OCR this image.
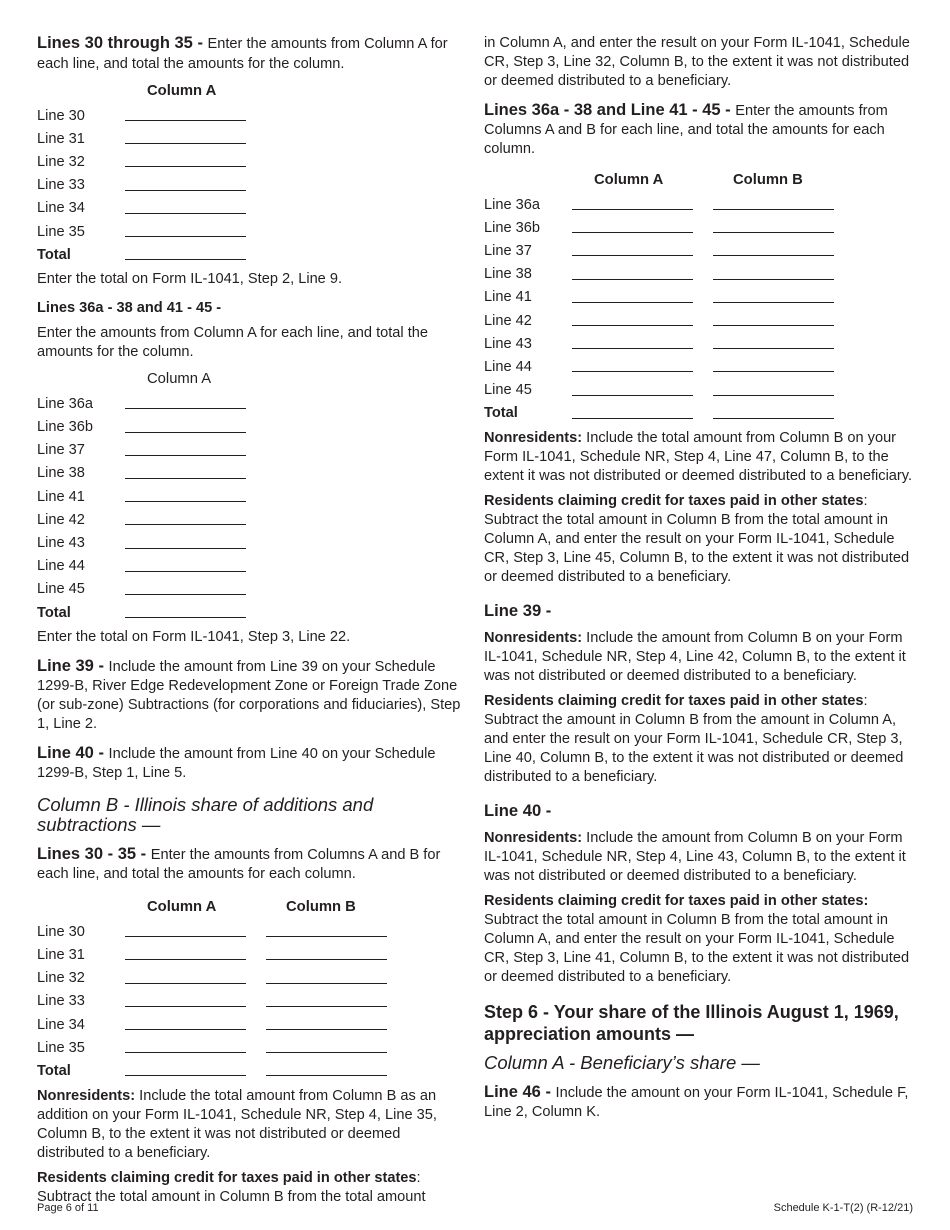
Lines 30 through 35 - Enter the amounts from Column A for each line, and total the amounts for the column.

	Column A
Line 30	

Line 31	

Line 32	

Line 33	

Line 34	

Line 35	

Total	

Enter the total on Form IL-1041, Step 2, Line 9.

Lines 36a - 38 and 41 - 45 -

Enter the amounts from Column A for each line, and total the amounts for the column.

	Column A
Line 36a	

Line 36b	

Line 37	

Line 38	

Line 41	

Line 42	

Line 43	

Line 44	

Line 45	

Total	

Enter the total on Form IL-1041, Step 3, Line 22.

Line 39 - Include the amount from Line 39 on your Schedule 1299-B, River Edge Redevelopment Zone or Foreign Trade Zone (or sub-zone) Subtractions (for corporations and fiduciaries), Step 1, Line 2.

Line 40 - Include the amount from Line 40 on your Schedule 1299-B, Step 1, Line 5.

Column B - Illinois share of additions and subtractions —

Lines 30 - 35 - Enter the amounts from Columns A and B for each line, and total the amounts for each column.

	Column A	Column B
Line 30	

Line 31	

Line 32	

Line 33	

Line 34	

Line 35	

Total	

Nonresidents: Include the total amount from Column B as an addition on your Form IL-1041, Schedule NR, Step 4, Line 35, Column B, to the extent it was not distributed or deemed distributed to a beneficiary.

Residents claiming credit for taxes paid in other states: Subtract the total amount in Column B from the total amount

in Column A, and enter the result on your Form IL-1041, Schedule CR, Step 3, Line 32, Column B, to the extent it was not distributed or deemed distributed to a beneficiary.

Lines 36a - 38 and Line 41 - 45 - Enter the amounts from Columns A and B for each line, and total the amounts for each column.

	Column A	Column B
Line 36a	

Line 36b	

Line 37	

Line 38	

Line 41	

Line 42	

Line 43	

Line 44	

Line 45	

Total	

Nonresidents: Include the total amount from Column B on your Form IL-1041, Schedule NR, Step 4, Line 47, Column B, to the extent it was not distributed or deemed distributed to a beneficiary.

Residents claiming credit for taxes paid in other states: Subtract the total amount in Column B from the total amount in Column A, and enter the result on your Form IL-1041, Schedule CR, Step 3, Line 45, Column B, to the extent it was not distributed or deemed distributed to a beneficiary.

Line 39 -

Nonresidents: Include the amount from Column B on your Form IL-1041, Schedule NR, Step 4, Line 42, Column B, to the extent it was not distributed or deemed distributed to a beneficiary.

Residents claiming credit for taxes paid in other states: Subtract the amount in Column B from the amount in Column A, and enter the result on your Form IL-1041, Schedule CR, Step 3, Line 40, Column B, to the extent it was not distributed or deemed distributed to a beneficiary.

Line 40 -

Nonresidents: Include the amount from Column B on your Form IL-1041, Schedule NR, Step 4, Line 43, Column B, to the extent it was not distributed or deemed distributed to a beneficiary.

Residents claiming credit for taxes paid in other states: Subtract the total amount in Column B from the total amount in Column A, and enter the result on your Form IL-1041, Schedule CR, Step 3, Line 41, Column B, to the extent it was not distributed or deemed distributed to a beneficiary.

Step 6 - Your share of the Illinois August 1, 1969, appreciation amounts —

Column A - Beneficiary’s share —

Line 46 - Include the amount on your Form IL-1041, Schedule F, Line 2, Column K.

Page 6 of 11	Schedule K-1-T(2) (R-12/21)
